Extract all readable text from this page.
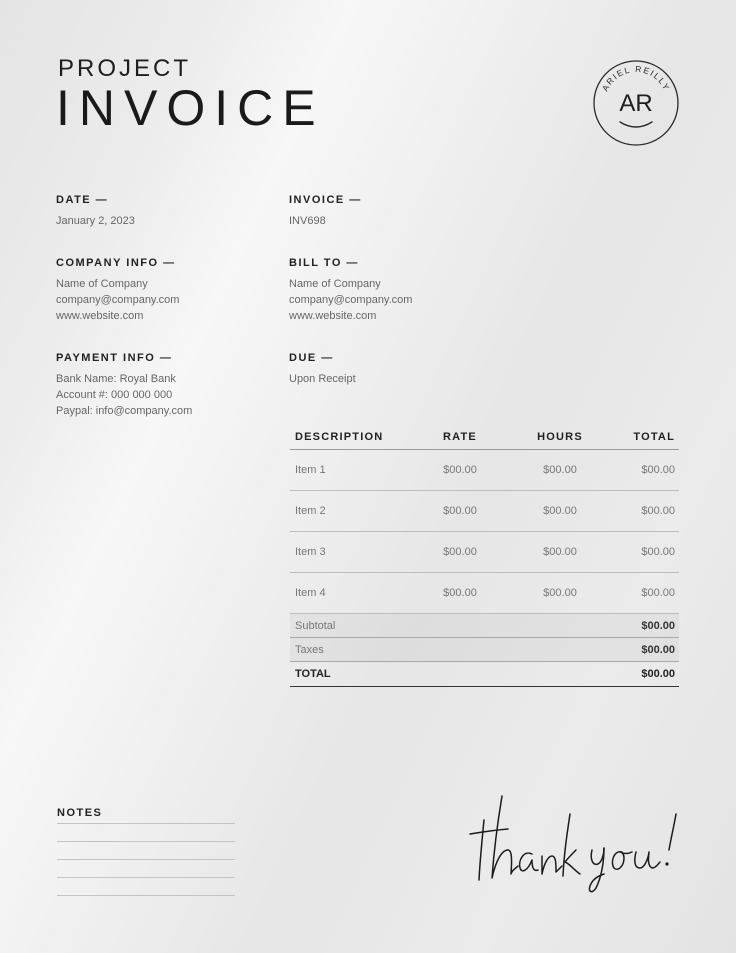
PROJECT
INVOICE	ARIEL REILLY
AR
DATE —
January 2, 2023
COMPANY INFO —
Name of Company
company@company.com
www.website.com
PAYMENT INFO —
Bank Name: Royal Bank
Account #: 000 000 000
Paypal: info@company.com
INVOICE —
INV698
BILL TO —
Name of Company
company@company.com
www.website.com
DUE —
Upon Receipt
DESCRIPTION	RATE	HOURS	TOTAL
Item 1	$00.00	$00.00	$00.00
Item 2	$00.00	$00.00	$00.00
Item 3	$00.00	$00.00	$00.00
Item 4	$00.00	$00.00	$00.00
Subtotal			$00.00
Taxes			$00.00
TOTAL			$00.00
NOTES
